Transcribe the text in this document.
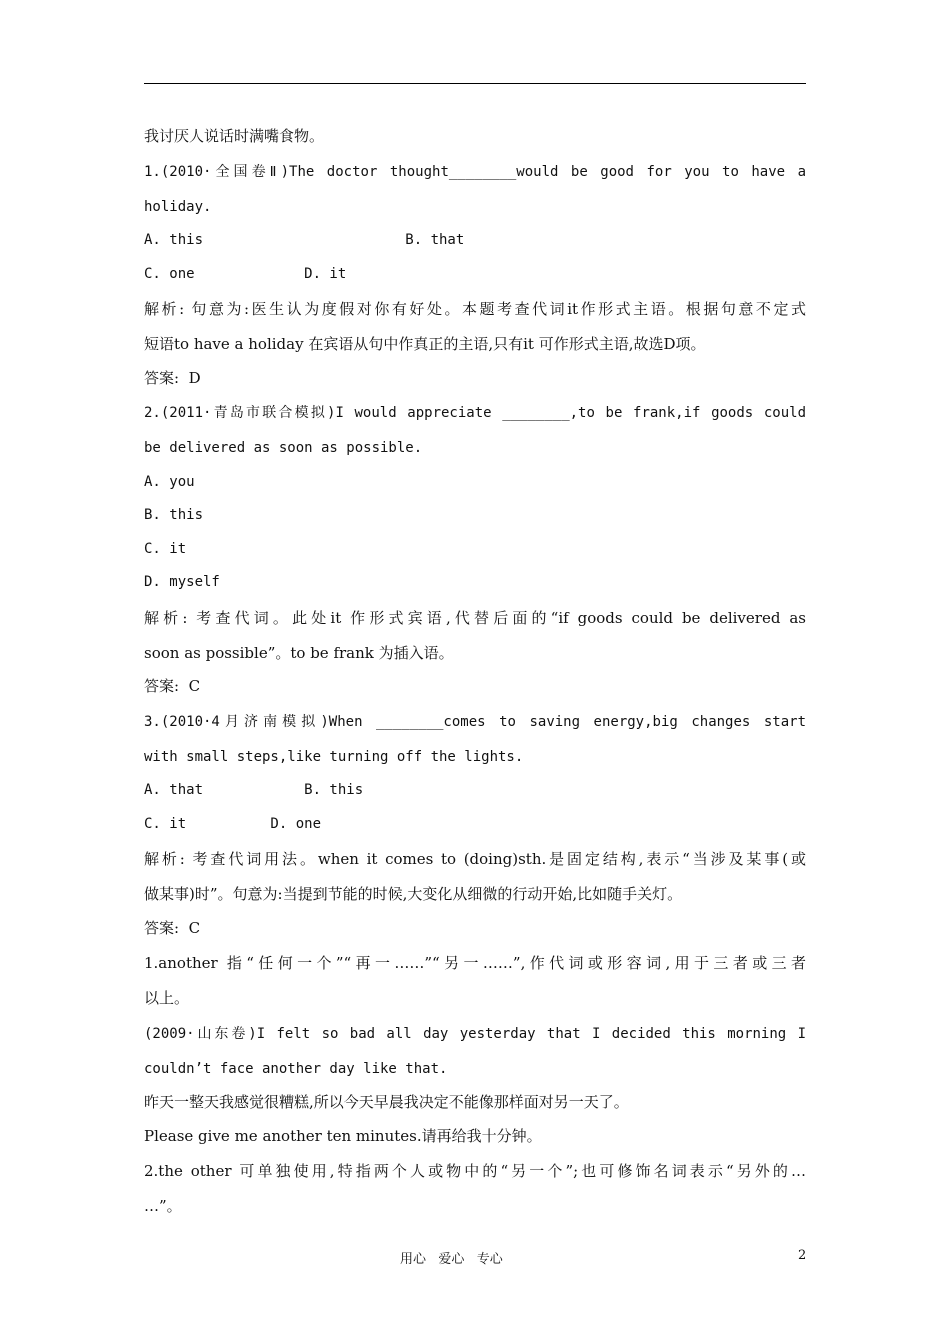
我讨厌人说话时满嘴食物。
1.(2010·全国卷Ⅱ)The doctor thought________would be good for you to have a
holiday.
A. this                        B. that
C. one             D. it
解析: 句意为:医生认为度假对你有好处。本题考查代词it作形式主语。根据句意不定式
短语to have a holiday 在宾语从句中作真正的主语,只有it 可作形式主语,故选D项。
答案:  D
2.(2011·青岛市联合模拟)I would appreciate ________,to be frank,if goods could
be delivered as soon as possible.
A. you
B. this
C. it
D. myself
解析: 考查代词。此处it 作形式宾语,代替后面的“if goods could be delivered as
soon as possible”。to be frank 为插入语。
答案:  C
3.(2010·4月济南模拟)When ________comes to saving energy,big changes start
with small steps,like turning off the lights.
A. that            B. this
C. it          D. one
解析: 考查代词用法。when it comes to (doing)sth.是固定结构,表示“当涉及某事(或
做某事)时”。句意为:当提到节能的时候,大变化从细微的行动开始,比如随手关灯。
答案:  C
1.another 指“任何一个”“再一……”“另一……”,作代词或形容词,用于三者或三者
以上。
(2009·山东卷)I felt so bad all day yesterday that I decided this morning I
couldn’t face another day like that.
昨天一整天我感觉很糟糕,所以今天早晨我决定不能像那样面对另一天了。
Please give me another ten minutes.请再给我十分钟。
2.the other 可单独使用,特指两个人或物中的“另一个”;也可修饰名词表示“另外的…
…”。
用心   爱心   专心	2
